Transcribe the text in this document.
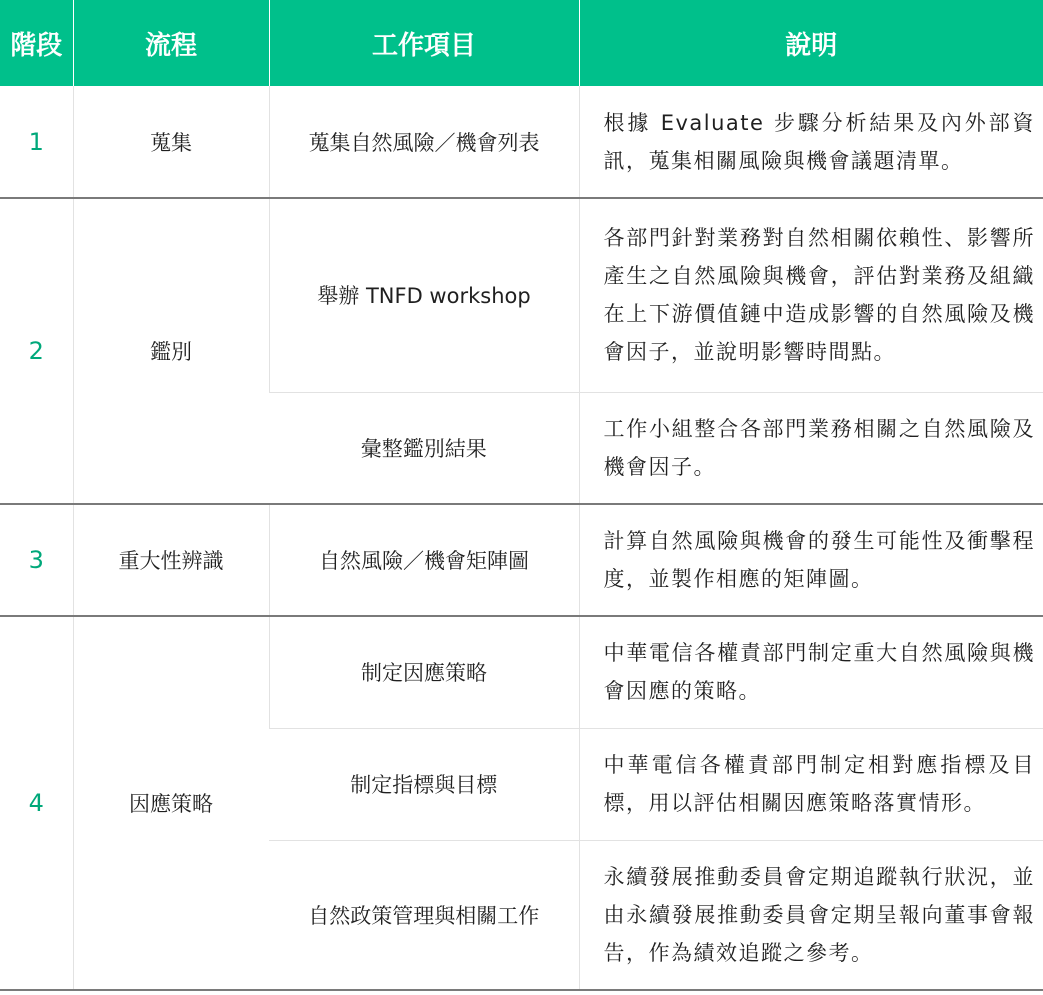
階段	流程	工作項目	說明
1	蒐集	蒐集自然風險／機會列表	根據 Evaluate 步驟分析結果及內外部資訊，蒐集相關風險與機會議題清單。
2	鑑別	舉辦 TNFD workshop	各部門針對業務對自然相關依賴性、影響所產生之自然風險與機會，評估對業務及組織在上下游價值鏈中造成影響的自然風險及機會因子，並說明影響時間點。
		彙整鑑別結果	工作小組整合各部門業務相關之自然風險及機會因子。
3	重大性辨識	自然風險／機會矩陣圖	計算自然風險與機會的發生可能性及衝擊程度，並製作相應的矩陣圖。
4	因應策略	制定因應策略	中華電信各權責部門制定重大自然風險與機會因應的策略。
		制定指標與目標	中華電信各權責部門制定相對應指標及目標，用以評估相關因應策略落實情形。
		自然政策管理與相關工作	永續發展推動委員會定期追蹤執行狀況，並由永續發展推動委員會定期呈報向董事會報告，作為績效追蹤之參考。
